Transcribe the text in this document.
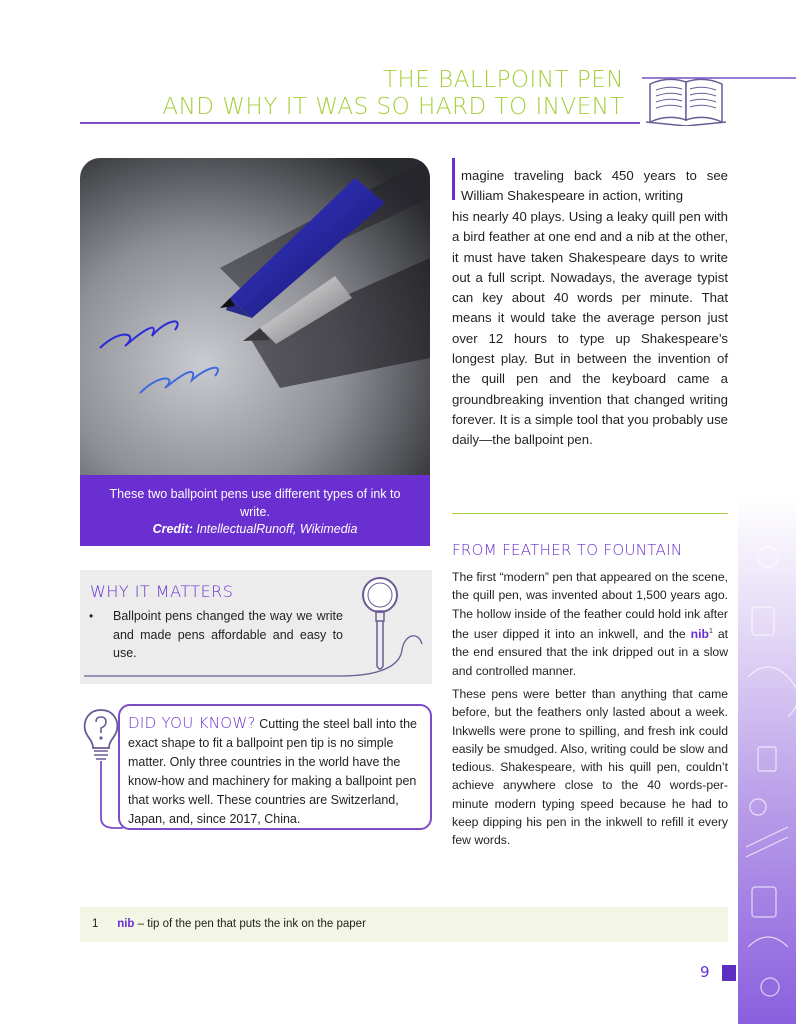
THE BALLPOINT PEN
AND WHY IT WAS SO HARD TO INVENT
These two ballpoint pens use different types of ink to write.
Credit: IntellectualRunoff, Wikimedia
WHY IT MATTERS
• Ballpoint pens changed the way we write and made pens affordable and easy to use.
DID YOU KNOW? Cutting the steel ball into the exact shape to fit a ballpoint pen tip is no simple matter. Only three countries in the world have the know-how and machinery for making a ballpoint pen that works well. These countries are Switzerland, Japan, and, since 2017, China.
magine traveling back 450 years to see William Shakespeare in action, writing
his nearly 40 plays. Using a leaky quill pen with a bird feather at one end and a nib at the other, it must have taken Shakespeare days to write out a full script. Nowadays, the average typist can key about 40 words per minute. That means it would take the average person just over 12 hours to type up Shakespeare’s longest play. But in between the invention of the quill pen and the keyboard came a groundbreaking invention that changed writing forever. It is a simple tool that you probably use daily—the ballpoint pen.
FROM FEATHER TO FOUNTAIN
The first “modern” pen that appeared on the scene, the quill pen, was invented about 1,500 years ago. The hollow inside of the feather could hold ink after the user dipped it into an inkwell, and the nib$^1$ at the end ensured that the ink dripped out in a slow and controlled manner.
These pens were better than anything that came before, but the feathers only lasted about a week. Inkwells were prone to spilling, and fresh ink could easily be smudged. Also, writing could be slow and tedious. Shakespeare, with his quill pen, couldn’t achieve anywhere close to the 40 words-per-minute modern typing speed because he had to keep dipping his pen in the inkwell to refill it every few words.
1 nib – tip of the pen that puts the ink on the paper
9
